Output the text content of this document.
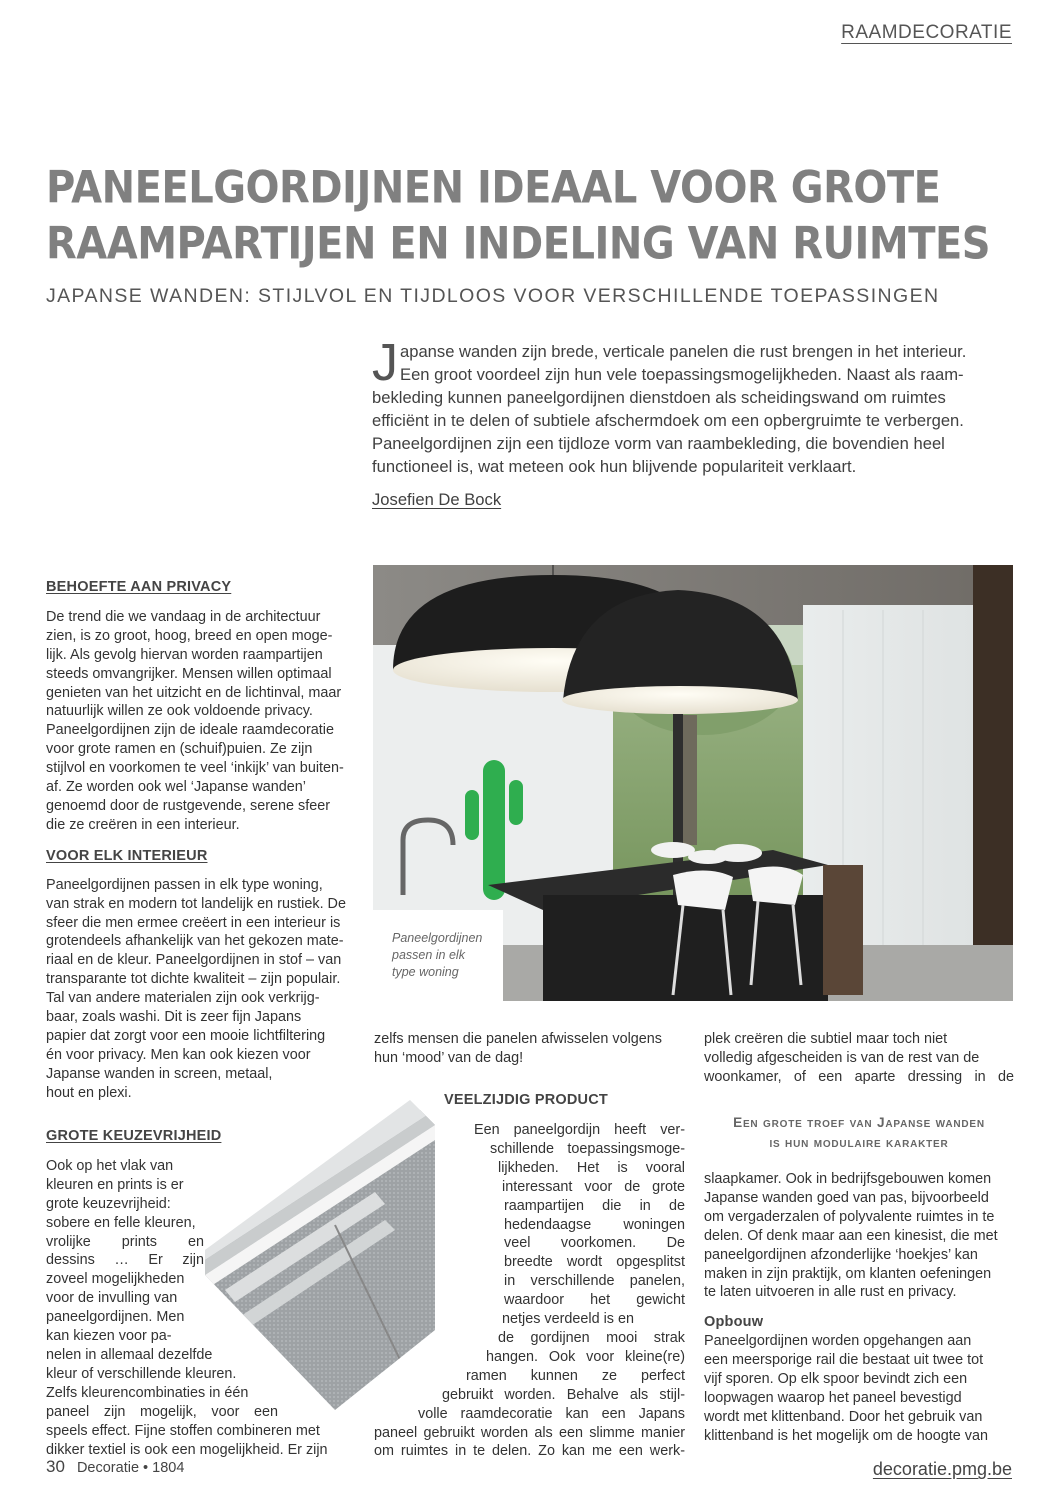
RAAMDECORATIE
PANEELGORDIJNEN IDEAAL VOOR GROTE
RAAMPARTIJEN EN INDELING VAN RUIMTES
JAPANSE WANDEN: STIJLVOL EN TIJDLOOS VOOR VERSCHILLENDE TOEPASSINGEN
J apanse wanden zijn brede, verticale panelen die rust brengen in het interieur.
Een groot voordeel zijn hun vele toepassingsmogelijkheden. Naast als raam-
bekleding kunnen paneelgordijnen dienstdoen als scheidingswand om ruimtes
efficiënt in te delen of subtiele afschermdoek om een opbergruimte te verbergen.
Paneelgordijnen zijn een tijdloze vorm van raambekleding, die bovendien heel
functioneel is, wat meteen ook hun blijvende populariteit verklaart.
Josefien De Bock
BEHOEFTE AAN PRIVACY

De trend die we vandaag in de architectuur

zien, is zo groot, hoog, breed en open moge-

lijk. Als gevolg hiervan worden raampartijen

steeds omvangrijker. Mensen willen optimaal

genieten van het uitzicht en de lichtinval, maar

natuurlijk willen ze ook voldoende privacy.

Paneelgordijnen zijn de ideale raamdecoratie

voor grote ramen en (schuif)puien. Ze zijn

stijlvol en voorkomen te veel ‘inkijk’ van buiten-

af. Ze worden ook wel ‘Japanse wanden’

genoemd door de rustgevende, serene sfeer

die ze creëren in een interieur.

VOOR ELK INTERIEUR

Paneelgordijnen passen in elk type woning,

van strak en modern tot landelijk en rustiek. De

sfeer die men ermee creëert in een interieur is

grotendeels afhankelijk van het gekozen mate-

riaal en de kleur. Paneelgordijnen in stof – van

transparante tot dichte kwaliteit – zijn populair.

Tal van andere materialen zijn ook verkrijg-

baar, zoals washi. Dit is zeer fijn Japans

papier dat zorgt voor een mooie lichtfiltering

én voor privacy. Men kan ook kiezen voor

Japanse wanden in screen, metaal,

hout en plexi.

GROTE KEUZEVRIJHEID

Ook op het vlak van

kleuren en prints is er

grote keuzevrijheid:

sobere en felle kleuren,

vrolijke prints en

dessins … Er zijn

zoveel mogelijkheden

voor de invulling van

paneelgordijnen. Men

kan kiezen voor pa-

nelen in allemaal dezelfde

kleur of verschillende kleuren.

Zelfs kleurencombinaties in één

paneel zijn mogelijk, voor een

speels effect. Fijne stoffen combineren met

dikker textiel is ook een mogelijkheid. Er zijn

Paneelgordijnen passen in elk type woning

zelfs mensen die panelen afwisselen volgens

hun ‘mood’ van de dag!

VEELZIJDIG PRODUCT

Een paneelgordijn heeft ver-

schillende toepassingsmoge-

lijkheden. Het is vooral

interessant voor de grote

raampartijen die in de

hedendaagse woningen

veel voorkomen. De

breedte wordt opgesplitst

in verschillende panelen,

waardoor het gewicht

netjes verdeeld is en

de gordijnen mooi strak

hangen. Ook voor kleine(re)

ramen kunnen ze perfect

gebruikt worden. Behalve als stijl-

volle raamdecoratie kan een Japans

paneel gebruikt worden als een slimme manier

om ruimtes in te delen. Zo kan me een werk-

plek creëren die subtiel maar toch niet

volledig afgescheiden is van de rest van de

woonkamer, of een aparte dressing in de

Een grote troef van Japanse wanden
is hun modulaire karakter

slaapkamer. Ook in bedrijfsgebouwen komen

Japanse wanden goed van pas, bijvoorbeeld

om vergaderzalen of polyvalente ruimtes in te

delen. Of denk maar aan een kinesist, die met

paneelgordijnen afzonderlijke ‘hoekjes’ kan

maken in zijn praktijk, om klanten oefeningen

te laten uitvoeren in alle rust en privacy.

Opbouw

Paneelgordijnen worden opgehangen aan

een meersporige rail die bestaat uit twee tot

vijf sporen. Op elk spoor bevindt zich een

loopwagen waarop het paneel bevestigd

wordt met klittenband. Door het gebruik van

klittenband is het mogelijk om de hoogte van

30 Decoratie • 1804	decoratie.pmg.be
